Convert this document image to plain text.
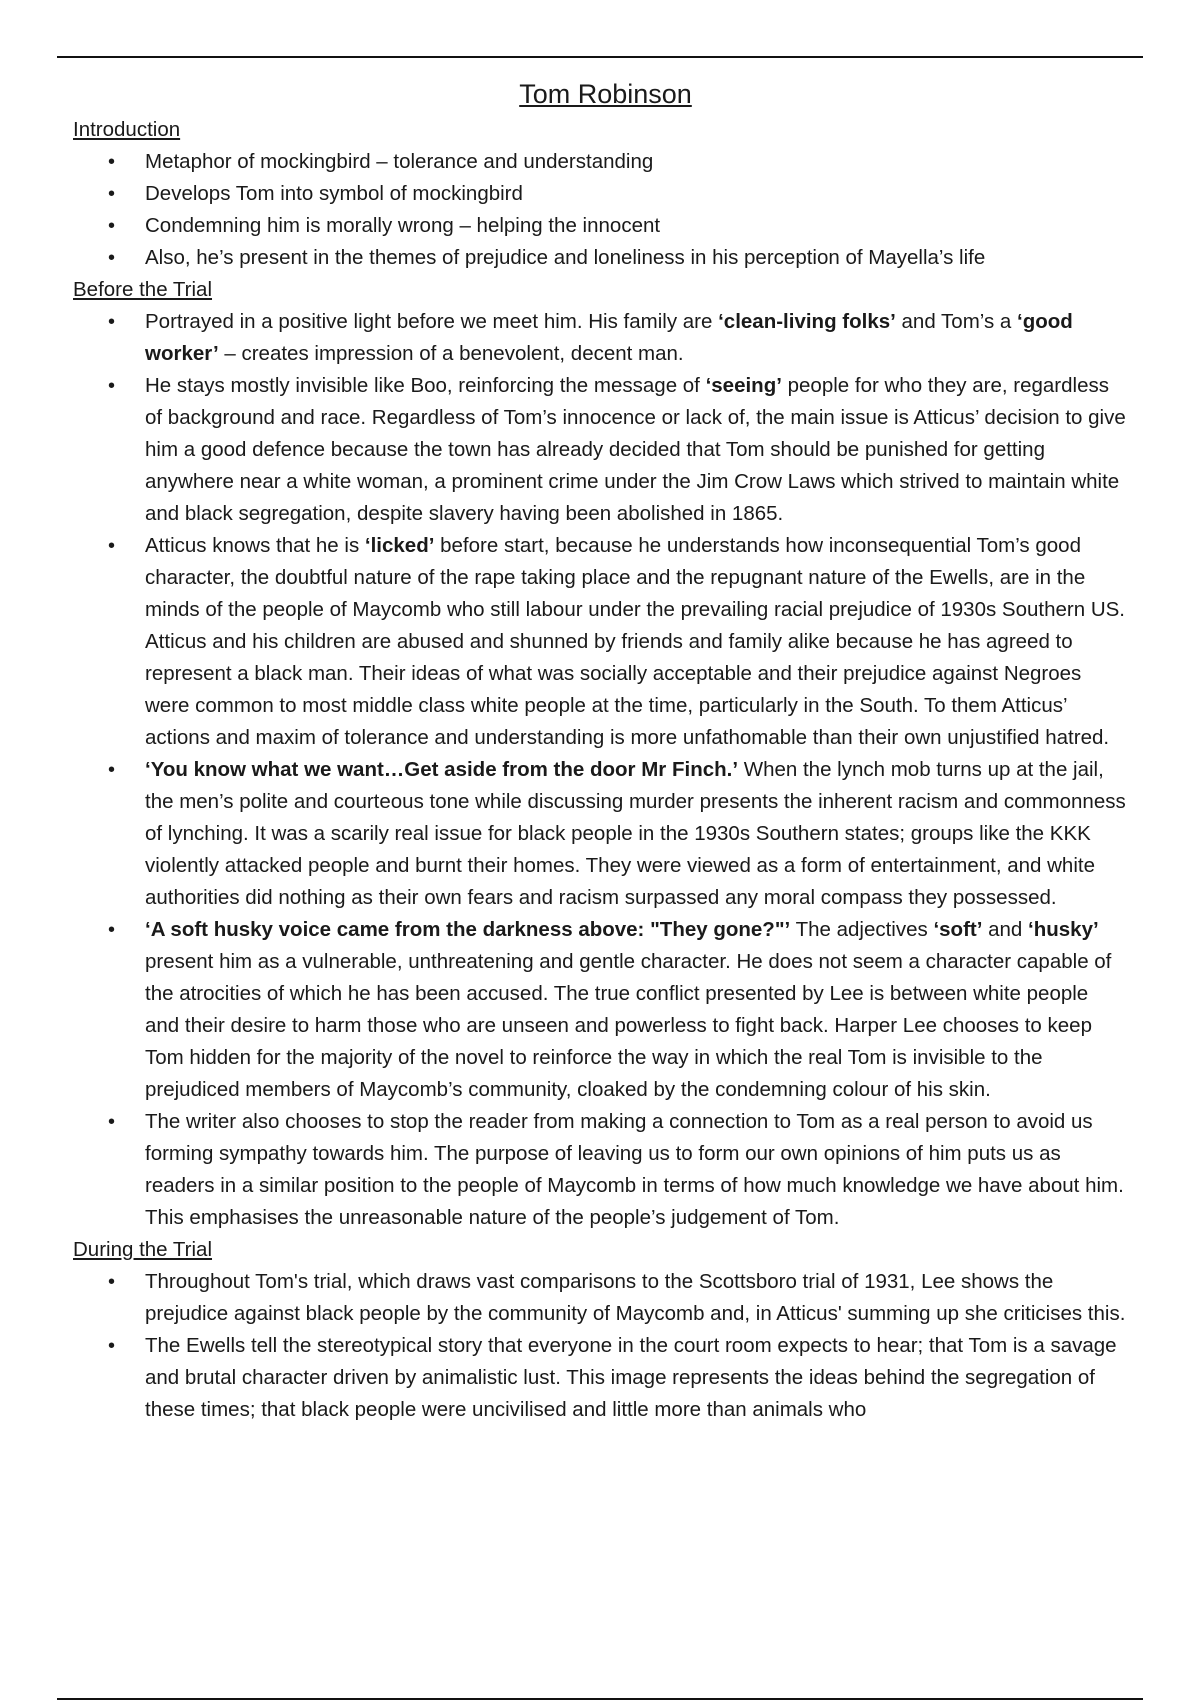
Tom Robinson
Introduction
• Metaphor of mockingbird – tolerance and understanding
• Develops Tom into symbol of mockingbird
• Condemning him is morally wrong – helping the innocent
• Also, he’s present in the themes of prejudice and loneliness in his perception of Mayella’s life
Before the Trial
• Portrayed in a positive light before we meet him. His family are ‘clean-living folks’ and Tom’s a ‘good worker’ – creates impression of a benevolent, decent man.
• He stays mostly invisible like Boo, reinforcing the message of ‘seeing’ people for who they are, regardless of background and race. Regardless of Tom’s innocence or lack of, the main issue is Atticus’ decision to give him a good defence because the town has already decided that Tom should be punished for getting anywhere near a white woman, a prominent crime under the Jim Crow Laws which strived to maintain white and black segregation, despite slavery having been abolished in 1865.
• Atticus knows that he is ‘licked’ before start, because he understands how inconsequential Tom’s good character, the doubtful nature of the rape taking place and the repugnant nature of the Ewells, are in the minds of the people of Maycomb who still labour under the prevailing racial prejudice of 1930s Southern US. Atticus and his children are abused and shunned by friends and family alike because he has agreed to represent a black man. Their ideas of what was socially acceptable and their prejudice against Negroes were common to most middle class white people at the time, particularly in the South. To them Atticus’ actions and maxim of tolerance and understanding is more unfathomable than their own unjustified hatred.
• ‘You know what we want…Get aside from the door Mr Finch.’ When the lynch mob turns up at the jail, the men’s polite and courteous tone while discussing murder presents the inherent racism and commonness of lynching. It was a scarily real issue for black people in the 1930s Southern states; groups like the KKK violently attacked people and burnt their homes. They were viewed as a form of entertainment, and white authorities did nothing as their own fears and racism surpassed any moral compass they possessed.
• ‘A soft husky voice came from the darkness above: "They gone?"’ The adjectives ‘soft’ and ‘husky’ present him as a vulnerable, unthreatening and gentle character. He does not seem a character capable of the atrocities of which he has been accused. The true conflict presented by Lee is between white people and their desire to harm those who are unseen and powerless to fight back. Harper Lee chooses to keep Tom hidden for the majority of the novel to reinforce the way in which the real Tom is invisible to the prejudiced members of Maycomb’s community, cloaked by the condemning colour of his skin.
• The writer also chooses to stop the reader from making a connection to Tom as a real person to avoid us forming sympathy towards him. The purpose of leaving us to form our own opinions of him puts us as readers in a similar position to the people of Maycomb in terms of how much knowledge we have about him. This emphasises the unreasonable nature of the people’s judgement of Tom.
During the Trial
• Throughout Tom's trial, which draws vast comparisons to the Scottsboro trial of 1931, Lee shows the prejudice against black people by the community of Maycomb and, in Atticus' summing up she criticises this.
• The Ewells tell the stereotypical story that everyone in the court room expects to hear; that Tom is a savage and brutal character driven by animalistic lust. This image represents the ideas behind the segregation of these times; that black people were uncivilised and little more than animals who
